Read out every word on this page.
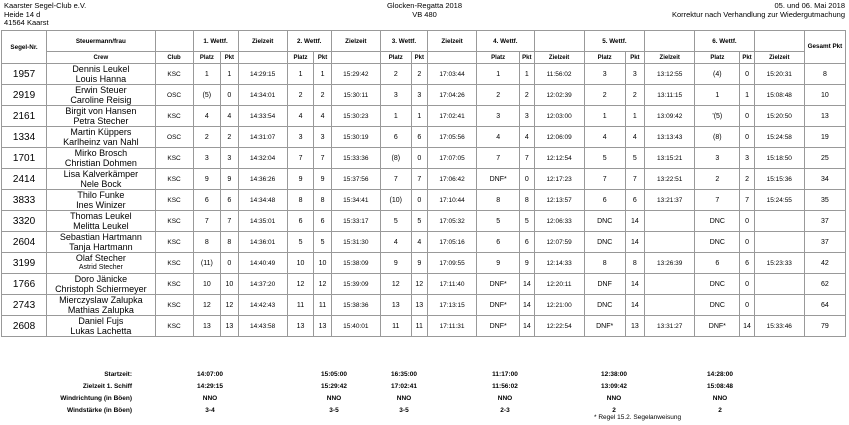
Kaarster Segel-Club e.V.
Heide 14 d
41564 Kaarst
Glocken-Regatta 2018
VB 480
05. und 06. Mai 2018
Korrektur nach Verhandlung zur Wiedergutmachung
Segel-Nr.	Steuermann/frau		1. Wettf.		Zielzeit	2. Wettf.		Zielzeit	3. Wettf.		Zielzeit	4. Wettf.			5. Wettf.			6. Wettf.			Gesamt Pkt
	Crew	Club	Platz	Pkt		Platz	Pkt		Platz	Pkt		Platz	Pkt	Zielzeit	Platz	Pkt	Zielzeit	Platz	Pkt	Zielzeit	
1957	Dennis Leukel
Louis Hanna	KSC	1	1	14:29:15	1	1	15:29:42	2	2	17:03:44	1	1	11:56:02	3	3	13:12:55	(4)	0	15:20:31	8
2919	Erwin Steuer
Caroline Reisig	OSC	(5)	0	14:34:01	2	2	15:30:11	3	3	17:04:26	2	2	12:02:39	2	2	13:11:15	1	1	15:08:48	10
2161	Birgit von Hansen
Petra Stecher	KSC	4	4	14:33:54	4	4	15:30:23	1	1	17:02:41	3	3	12:03:00	1	1	13:09:42	'(5)	0	15:20:50	13
1334	Martin Küppers
Karlheinz van Nahl	OSC	2	2	14:31:07	3	3	15:30:19	6	6	17:05:56	4	4	12:06:09	4	4	13:13:43	(8)	0	15:24:58	19
1701	Mirko Brosch
Christian Dohmen	KSC	3	3	14:32:04	7	7	15:33:36	(8)	0	17:07:05	7	7	12:12:54	5	5	13:15:21	3	3	15:18:50	25
2414	Lisa Kalverkämper
Nele Bock	KSC	9	9	14:36:26	9	9	15:37:56	7	7	17:06:42	DNF*	0	12:17:23	7	7	13:22:51	2	2	15:15:36	34
3833	Thilo Funke
Ines Winizer	KSC	6	6	14:34:48	8	8	15:34:41	(10)	0	17:10:44	8	8	12:13:57	6	6	13:21:37	7	7	15:24:55	35
3320	Thomas Leukel
Melitta Leukel	KSC	7	7	14:35:01	6	6	15:33:17	5	5	17:05:32	5	5	12:06:33	DNC	14		DNC	0		37
2604	Sebastian Hartmann
Tanja Hartmann	KSC	8	8	14:36:01	5	5	15:31:30	4	4	17:05:16	6	6	12:07:59	DNC	14		DNC	0		37
3199	Olaf Stecher
Astrid Stecher	KSC	(11)	0	14:40:49	10	10	15:38:09	9	9	17:09:55	9	9	12:14:33	8	8	13:26:39	6	6	15:23:33	42
1766	Doro Jänicke
Christoph Schiermeyer	KSC	10	10	14:37:20	12	12	15:39:09	12	12	17:11:40	DNF*	14	12:20:11	DNF	14		DNC	0		62
2743	Mierczyslaw Zalupka
Mathias Zalupka	KSC	12	12	14:42:43	11	11	15:38:36	13	13	17:13:15	DNF*	14	12:21:00	DNC	14		DNC	0		64
2608	Daniel Fujs
Lukas Lachetta	KSC	13	13	14:43:58	13	13	15:40:01	11	11	17:11:31	DNF*	14	12:22:54	DNF*	13	13:31:27	DNF*	14	15:33:46	79
Startzeit:	14:07:00	15:05:00	16:35:00	11:17:00	12:38:00	14:28:00
Zielzeit 1. Schiff	14:29:15	15:29:42	17:02:41	11:56:02	13:09:42	15:08:48
Windrichtung (in Böen)	NNO	NNO	NNO	NNO	NNO	NNO
Windstärke (in Böen)	3-4	3-5	3-5	2-3	2	2
* Regel 15.2. Segelanweisung
